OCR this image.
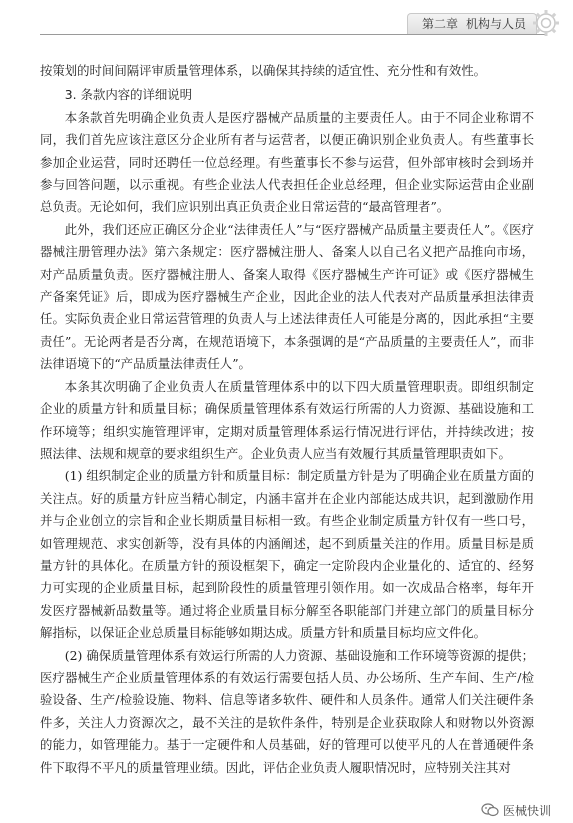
第二章 机构与人员

按策划的时间间隔评审质量管理体系，以确保其持续的适宜性、充分性和有效性。

3. 条款内容的详细说明

本条款首先明确企业负责人是医疗器械产品质量的主要责任人。由于不同企业称谓不同，我们首先应该注意区分企业所有者与运营者，以便正确识别企业负责人。有些董事长参加企业运营，同时还聘任一位总经理。有些董事长不参与运营，但外部审核时会到场并参与回答问题，以示重视。有些企业法人代表担任企业总经理，但企业实际运营由企业副总负责。无论如何，我们应识别出真正负责企业日常运营的“最高管理者”。

此外，我们还应正确区分企业“法律责任人”与“医疗器械产品质量主要责任人”。《医疗器械注册管理办法》第六条规定：医疗器械注册人、备案人以自己名义把产品推向市场，对产品质量负责。医疗器械注册人、备案人取得《医疗器械生产许可证》或《医疗器械生产备案凭证》后，即成为医疗器械生产企业，因此企业的法人代表对产品质量承担法律责任。实际负责企业日常运营管理的负责人与上述法律责任人可能是分离的，因此承担“主要责任”。无论两者是否分离，在规范语境下，本条强调的是“产品质量的主要责任人”，而非法律语境下的“产品质量法律责任人”。

本条其次明确了企业负责人在质量管理体系中的以下四大质量管理职责。即组织制定企业的质量方针和质量目标；确保质量管理体系有效运行所需的人力资源、基础设施和工作环境等；组织实施管理评审，定期对质量管理体系运行情况进行评估，并持续改进；按照法律、法规和规章的要求组织生产。企业负责人应当有效履行其质量管理职责如下。

(1) 组织制定企业的质量方针和质量目标：制定质量方针是为了明确企业在质量方面的关注点。好的质量方针应当精心制定，内涵丰富并在企业内部能达成共识，起到激励作用并与企业创立的宗旨和企业长期质量目标相一致。有些企业制定质量方针仅有一些口号，如管理规范、求实创新等，没有具体的内涵阐述，起不到质量关注的作用。质量目标是质量方针的具体化。在质量方针的预设框架下，确定一定阶段内企业量化的、适宜的、经努力可实现的企业质量目标，起到阶段性的质量管理引领作用。如一次成品合格率，每年开发医疗器械新品数量等。通过将企业质量目标分解至各职能部门并建立部门的质量目标分解指标，以保证企业总质量目标能够如期达成。质量方针和质量目标均应文件化。

(2) 确保质量管理体系有效运行所需的人力资源、基础设施和工作环境等资源的提供；医疗器械生产企业质量管理体系的有效运行需要包括人员、办公场所、生产车间、生产/检验设备、生产/检验设施、物料、信息等诸多软件、硬件和人员条件。通常人们关注硬件条件多，关注人力资源次之，最不关注的是软件条件，特别是企业获取除人和财物以外资源的能力，如管理能力。基于一定硬件和人员基础，好的管理可以使平凡的人在普通硬件条件下取得不平凡的质量管理业绩。因此，评估企业负责人履职情况时，应特别关注其对

医械快训
